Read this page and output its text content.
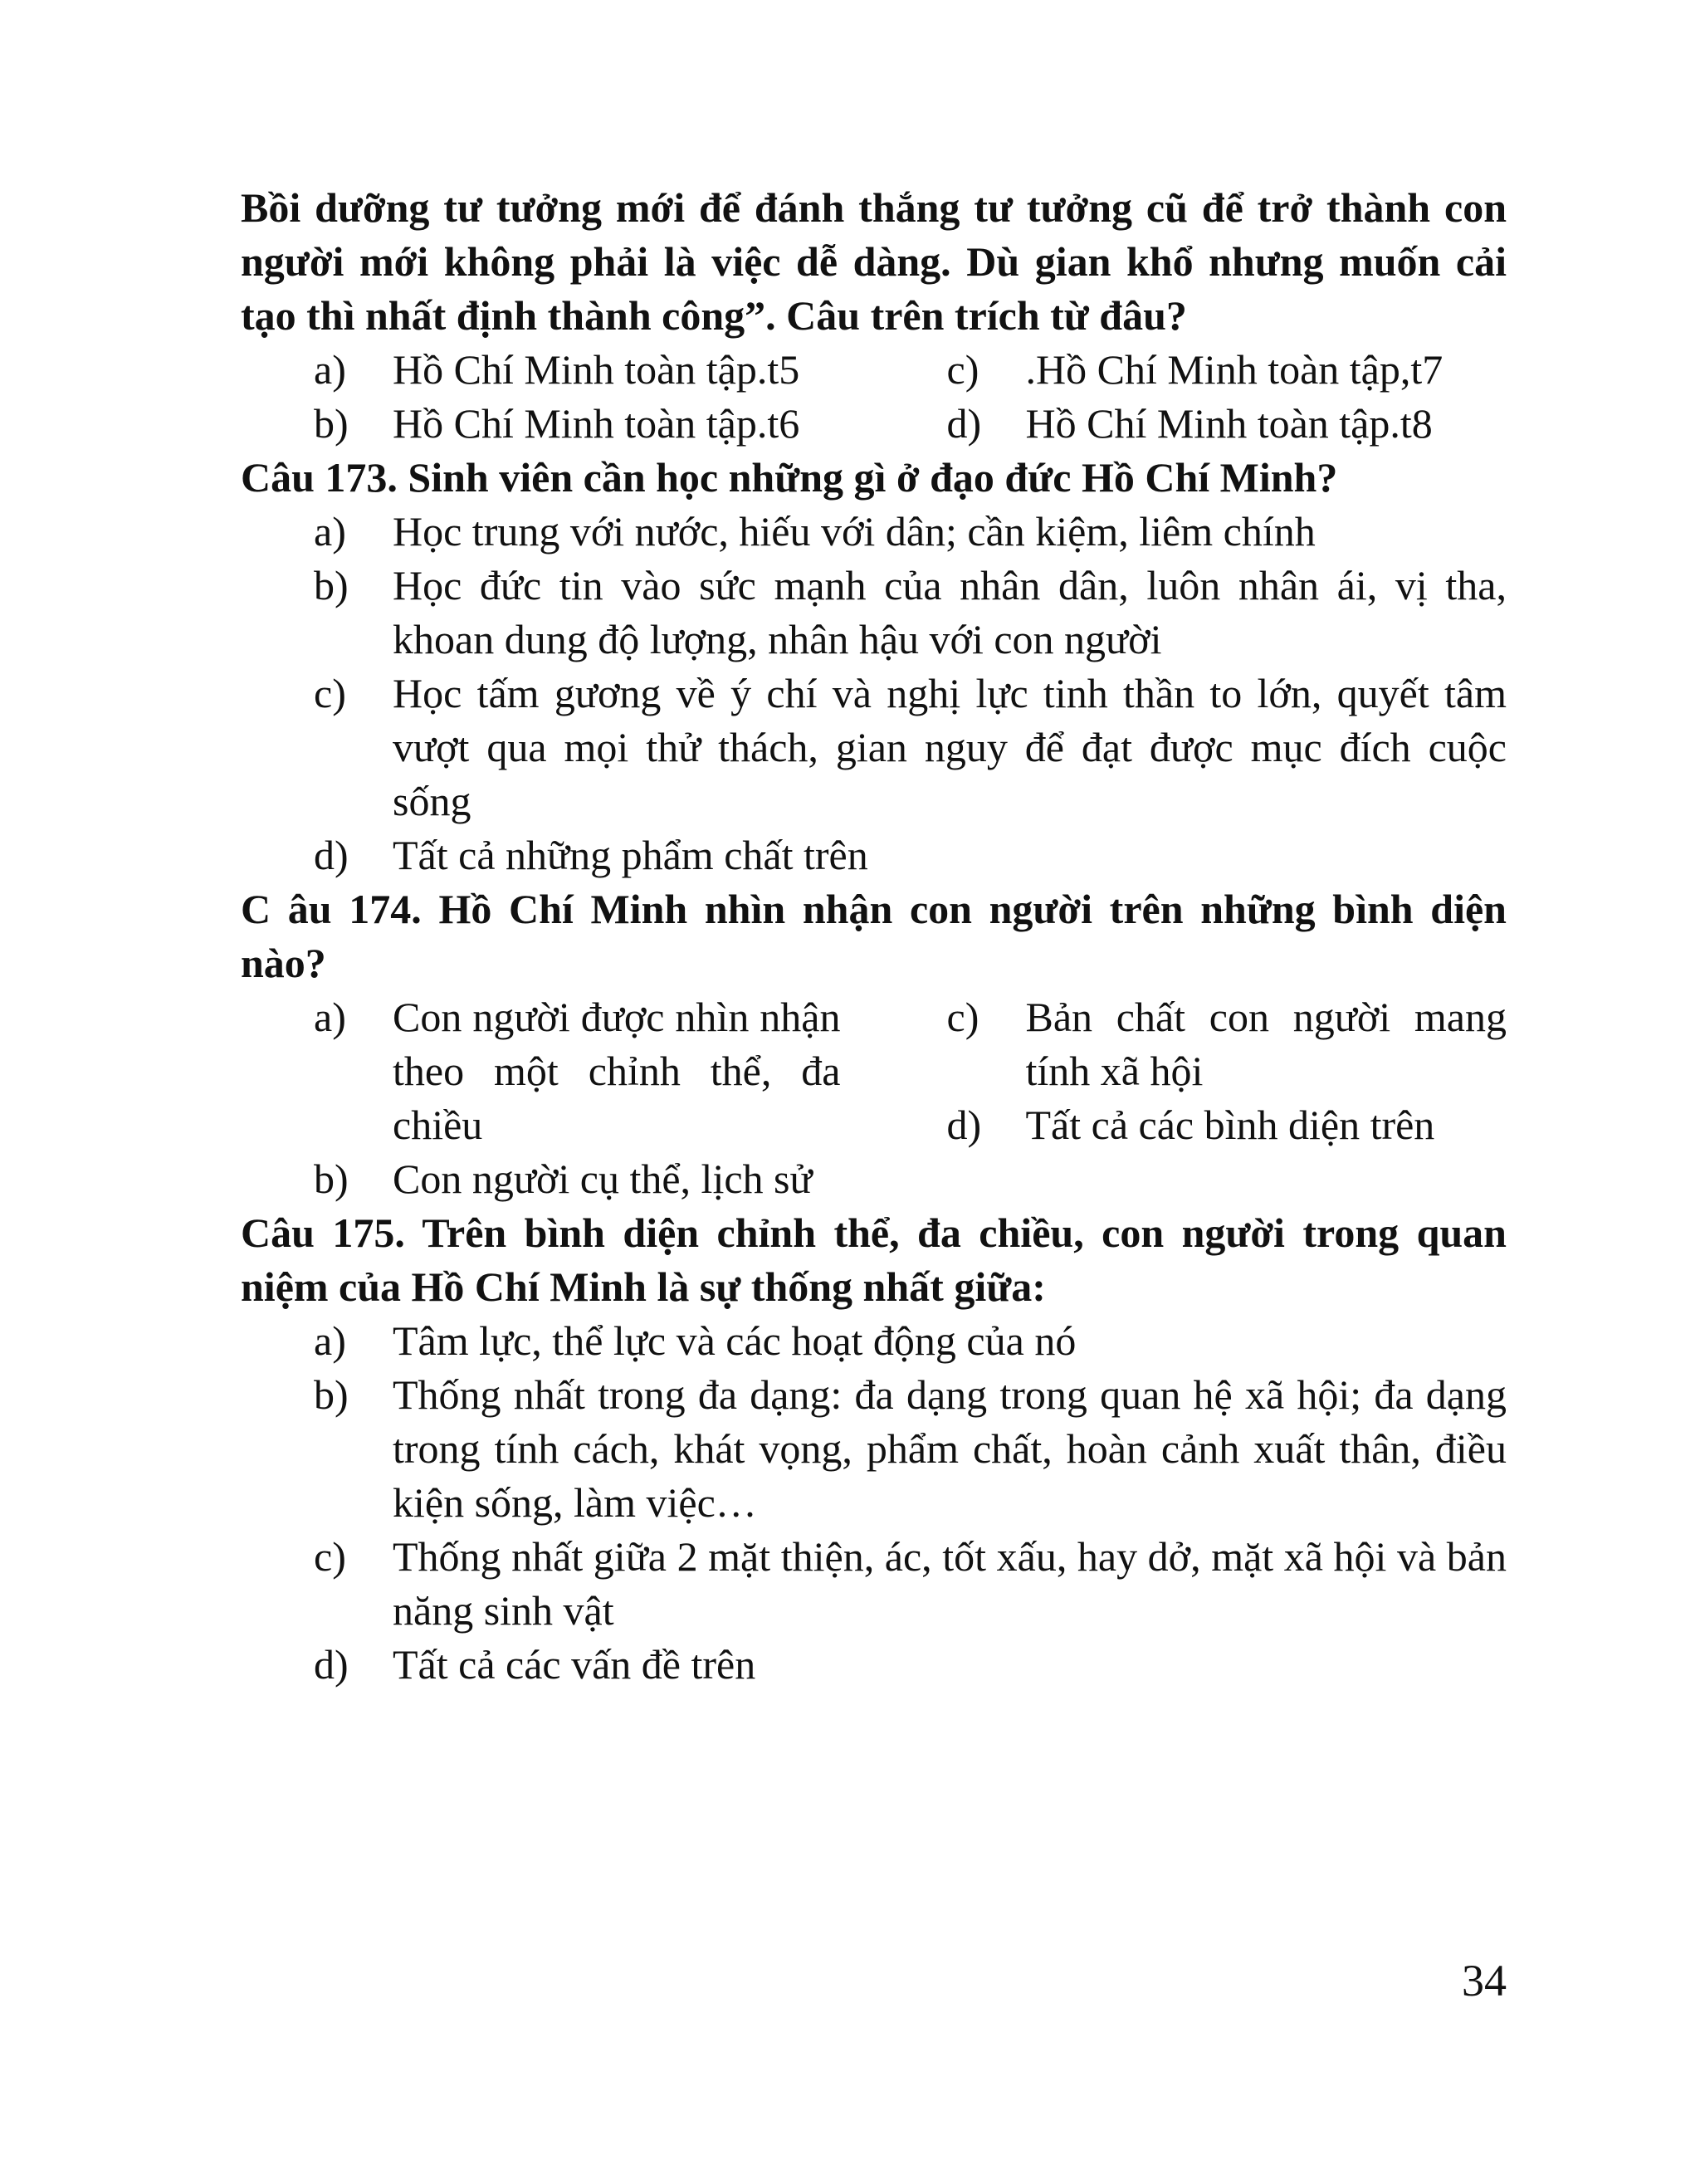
Bồi dưỡng tư tưởng mới để đánh thắng tư tưởng cũ để trở thành con người mới không phải là việc dễ dàng. Dù gian khổ nhưng muốn cải tạo thì nhất định thành công”. Câu trên trích từ đâu?

a)	Hồ Chí Minh toàn tập.t5
b)	Hồ Chí Minh toàn tập.t6
c)	.Hồ Chí Minh toàn tập,t7
d)	Hồ Chí Minh toàn tập.t8

Câu 173. Sinh viên cần học những gì ở đạo đức Hồ Chí Minh?

a)	Học trung với nước, hiếu với dân; cần kiệm, liêm chính
b)	Học đức tin vào sức mạnh của nhân dân, luôn nhân ái, vị tha, khoan dung độ lượng, nhân hậu với con người
c)	Học tấm gương về ý chí và nghị lực tinh thần to lớn, quyết tâm vượt qua mọi thử thách, gian nguy để đạt được mục đích cuộc sống
d)	Tất cả những phẩm chất trên

C âu 174. Hồ Chí Minh nhìn nhận con người trên những bình diện nào?

a)	Con người được nhìn nhận theo một chỉnh thể, đa chiều
b)	Con người cụ thể, lịch sử
c)	Bản chất con người mang tính xã hội
d)	Tất cả các bình diện trên

Câu 175. Trên bình diện chỉnh thể, đa chiều, con người trong quan niệm của Hồ Chí Minh là sự thống nhất giữa:

a)	Tâm lực, thể lực và các hoạt động của nó
b)	Thống nhất trong đa dạng: đa dạng trong quan hệ xã hội; đa dạng trong tính cách, khát vọng, phẩm chất, hoàn cảnh xuất thân, điều kiện sống, làm việc…
c)	Thống nhất giữa 2 mặt thiện, ác, tốt xấu, hay dở, mặt xã hội và bản năng sinh vật
d)	Tất cả các vấn đề trên
34
